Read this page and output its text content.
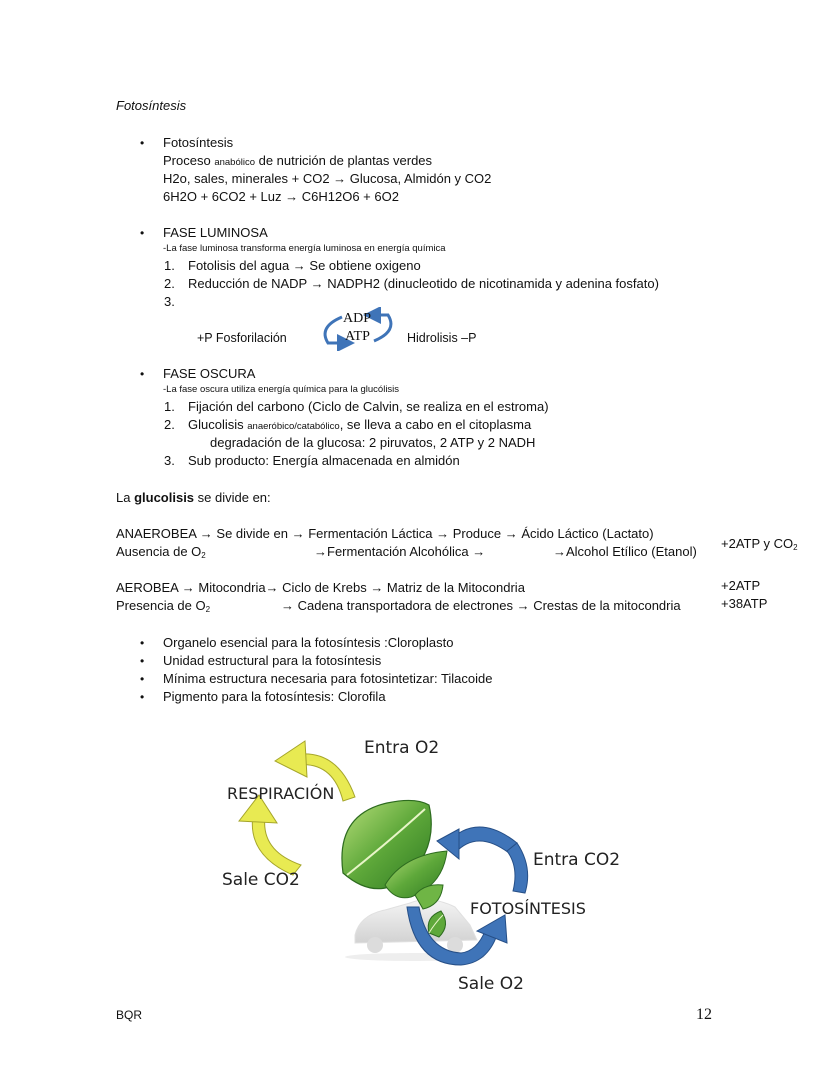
Fotosíntesis
• Fotosíntesis
Proceso anabólico de nutrición de plantas verdes
H2o, sales, minerales + CO2 → Glucosa, Almidón y CO2
6H2O + 6CO2 + Luz → C6H12O6 + 6O2
• FASE LUMINOSA
-La fase luminosa transforma energía luminosa en energía química
1. Fotolisis del agua → Se obtiene oxigeno
2. Reducción de NADP → NADPH2 (dinucleotido de nicotinamida y adenina fosfato)
3.
+P Fosforilación
ADP
ATP	Hidrolisis –P
• FASE OSCURA
-La fase oscura utiliza energía química para la glucólisis
1. Fijación del carbono (Ciclo de Calvin, se realiza en el estroma)
2. Glucolisis anaeróbico/catabólico, se lleva a cabo en el citoplasma
degradación de la glucosa: 2 piruvatos, 2 ATP y 2 NADH
3. Sub producto: Energía almacenada en almidón
La glucolisis se divide en:
ANAEROBEA → Se divide en → Fermentación Láctica → Produce → Ácido Láctico (Lactato)
Ausencia de $O_2$	→Fermentación Alcohólica →	→Alcohol Etílico (Etanol)
+2ATP y $CO_2$
AEROBEA → Mitocondria→ Ciclo de Krebs → Matriz de la Mitocondria
Presencia de $O_2$	→ Cadena transportadora de electrones → Crestas de la mitocondria
+2ATP
+38ATP
• Organelo esencial para la fotosíntesis :Cloroplasto
• Unidad estructural para la fotosíntesis
• Mínima estructura necesaria para fotosintetizar: Tilacoide
• Pigmento para la fotosíntesis: Clorofila
Entra O2
RESPIRACIÓN
Sale CO2
Entra CO2
FOTOSÍNTESIS
Sale O2
BQR	12
